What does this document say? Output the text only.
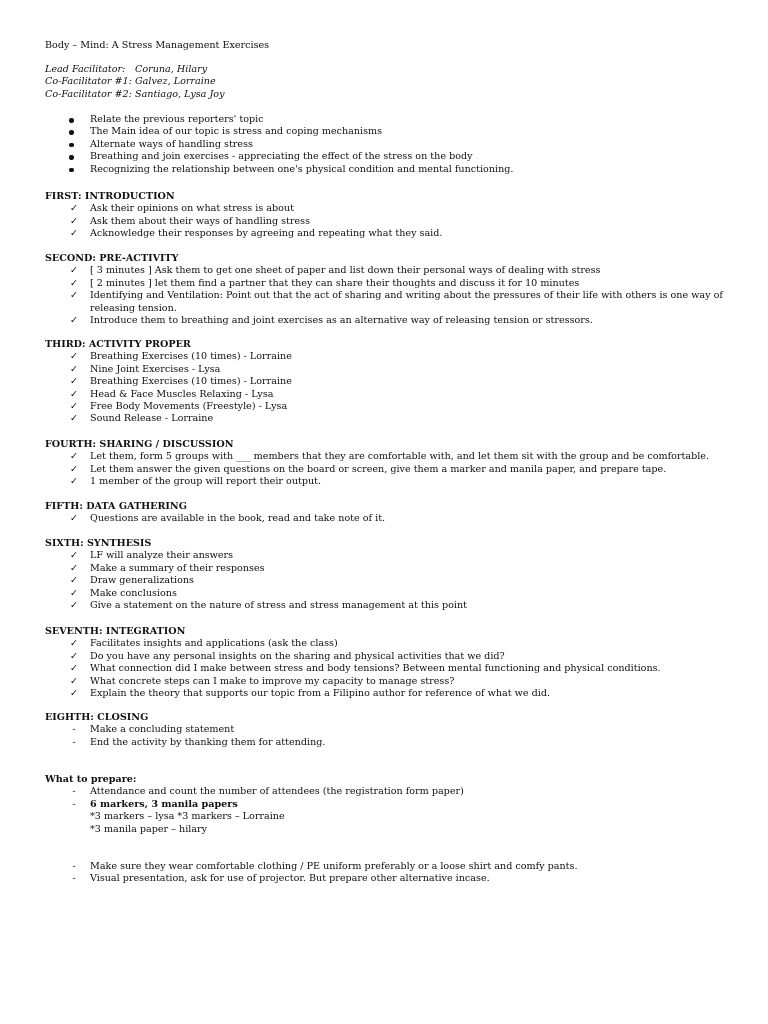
Body – Mind: A Stress Management Exercises
Lead Facilitator: Coruna, Hilary
Co-Facilitator #1: Galvez, Lorraine
Co-Facilitator #2: Santiago, Lysa Joy
Relate the previous reporters' topic
The Main idea of our topic is stress and coping mechanisms
Alternate ways of handling stress
Breathing and join exercises - appreciating the effect of the stress on the body
Recognizing the relationship between one's physical condition and mental functioning.
FIRST: INTRODUCTION
✓	Ask their opinions on what stress is about
✓	Ask them about their ways of handling stress
✓	Acknowledge their responses by agreeing and repeating what they said.
SECOND: PRE-ACTIVITY
✓	[ 3 minutes ] Ask them to get one sheet of paper and list down their personal ways of dealing with stress
✓	[ 2 minutes ] let them find a partner that they can share their thoughts and discuss it for 10 minutes
✓	Identifying and Ventilation: Point out that the act of sharing and writing about the pressures of their life with others is one way of releasing tension.
✓	Introduce them to breathing and joint exercises as an alternative way of releasing tension or stressors.
THIRD: ACTIVITY PROPER
✓	Breathing Exercises (10 times) - Lorraine
✓	Nine Joint Exercises - Lysa
✓	Breathing Exercises (10 times) - Lorraine
✓	Head & Face Muscles Relaxing - Lysa
✓	Free Body Movements (Freestyle) - Lysa
✓	Sound Release - Lorraine
FOURTH: SHARING / DISCUSSION
✓	Let them, form 5 groups with ___ members that they are comfortable with, and let them sit with the group and be comfortable.
✓	Let them answer the given questions on the board or screen, give them a marker and manila paper, and prepare tape.
✓	1 member of the group will report their output.
FIFTH: DATA GATHERING
✓	Questions are available in the book, read and take note of it.
SIXTH: SYNTHESIS
✓	LF will analyze their answers
✓	Make a summary of their responses
✓	Draw generalizations
✓	Make conclusions
✓	Give a statement on the nature of stress and stress management at this point
SEVENTH: INTEGRATION
✓	Facilitates insights and applications (ask the class)
✓	Do you have any personal insights on the sharing and physical activities that we did?
✓	What connection did I make between stress and body tensions? Between mental functioning and physical conditions.
✓	What concrete steps can I make to improve my capacity to manage stress?
✓	Explain the theory that supports our topic from a Filipino author for reference of what we did.
EIGHTH: CLOSING
-	Make a concluding statement
-	End the activity by thanking them for attending.
What to prepare:
-	Attendance and count the number of attendees (the registration form paper)
-	6 markers, 3 manila papers
*3 markers – lysa *3 markers – Lorraine
*3 manila paper – hilary
-	Make sure they wear comfortable clothing / PE uniform preferably or a loose shirt and comfy pants.
-	Visual presentation, ask for use of projector. But prepare other alternative incase.
